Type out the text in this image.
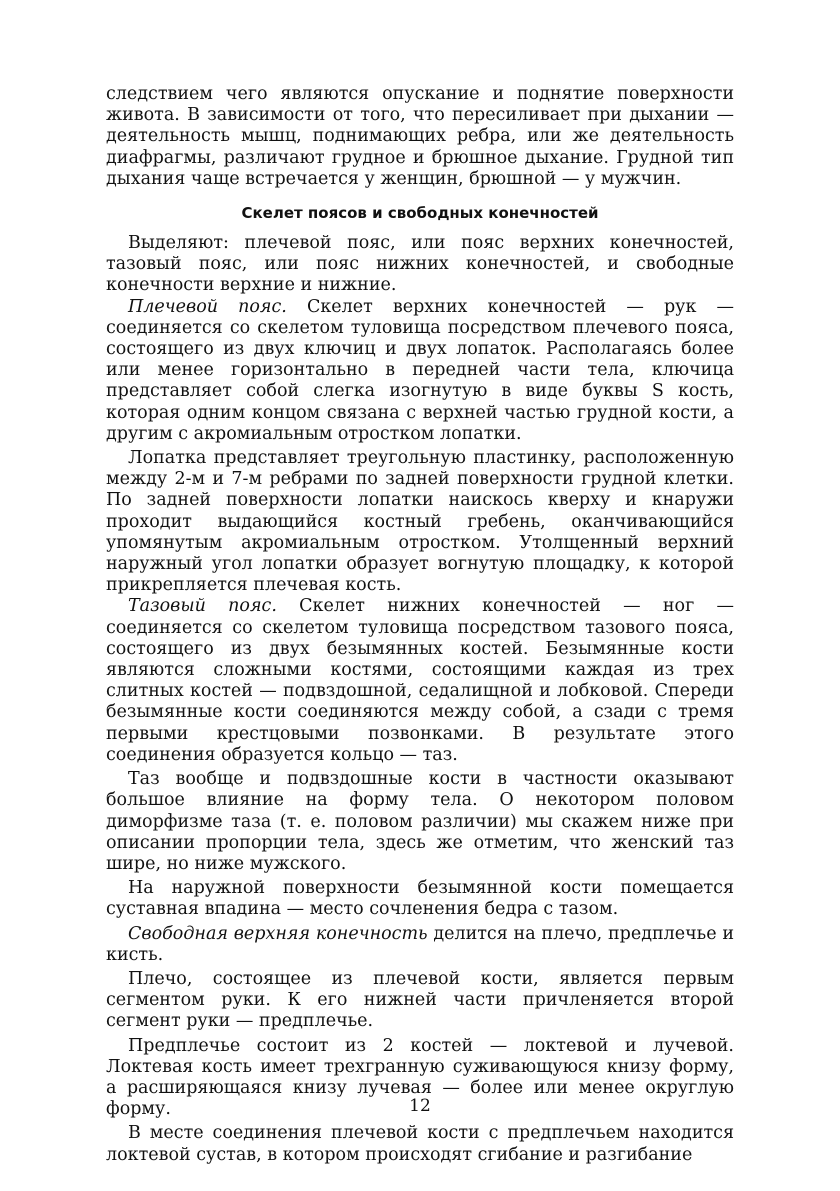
следствием чего являются опускание и поднятие поверхности живота. В зависимости от того, что пересиливает при дыхании — деятельность мышц, поднимающих ребра, или же деятельность диафрагмы, различают грудное и брюшное дыхание. Грудной тип дыхания чаще встречается у женщин, брюшной — у мужчин.

Скелет поясов и свободных конечностей

Выделяют: плечевой пояс, или пояс верхних конечностей, тазовый пояс, или пояс нижних конечностей, и свободные конечности верхние и нижние.

Плечевой пояс. Скелет верхних конечностей — рук — соединяется со скелетом туловища посредством плечевого пояса, состоящего из двух ключиц и двух лопаток. Располагаясь более или менее горизонтально в передней части тела, ключица представляет собой слегка изогнутую в виде буквы S кость, которая одним концом связана с верхней частью грудной кости, а другим с акромиальным отростком лопатки.

Лопатка представляет треугольную пластинку, расположенную между 2-м и 7-м ребрами по задней поверхности грудной клетки. По задней поверхности лопатки наискось кверху и кнаружи проходит выдающийся костный гребень, оканчивающийся упомянутым акромиальным отростком. Утолщенный верхний наружный угол лопатки образует вогнутую площадку, к которой прикрепляется плечевая кость.

Тазовый пояс. Скелет нижних конечностей — ног — соединяется со скелетом туловища посредством тазового пояса, состоящего из двух безымянных костей. Безымянные кости являются сложными костями, состоящими каждая из трех слитных костей — подвздошной, седалищной и лобковой. Спереди безымянные кости соединяются между собой, а сзади с тремя первыми крестцовыми позвонками. В результате этого соединения образуется кольцо — таз.

Таз вообще и подвздошные кости в частности оказывают большое влияние на форму тела. О некотором половом диморфизме таза (т. е. половом различии) мы скажем ниже при описании пропорции тела, здесь же отметим, что женский таз шире, но ниже мужского.

На наружной поверхности безымянной кости помещается суставная впадина — место сочленения бедра с тазом.

Свободная верхняя конечность делится на плечо, предплечье и кисть.

Плечо, состоящее из плечевой кости, является первым сегментом руки. К его нижней части причленяется второй сегмент руки — предплечье.

Предплечье состоит из 2 костей — локтевой и лучевой. Локтевая кость имеет трехгранную суживающуюся книзу форму, а расширяющаяся книзу лучевая — более или менее округлую форму.

В месте соединения плечевой кости с предплечьем находится локтевой сустав, в котором происходят сгибание и разгибание

12
